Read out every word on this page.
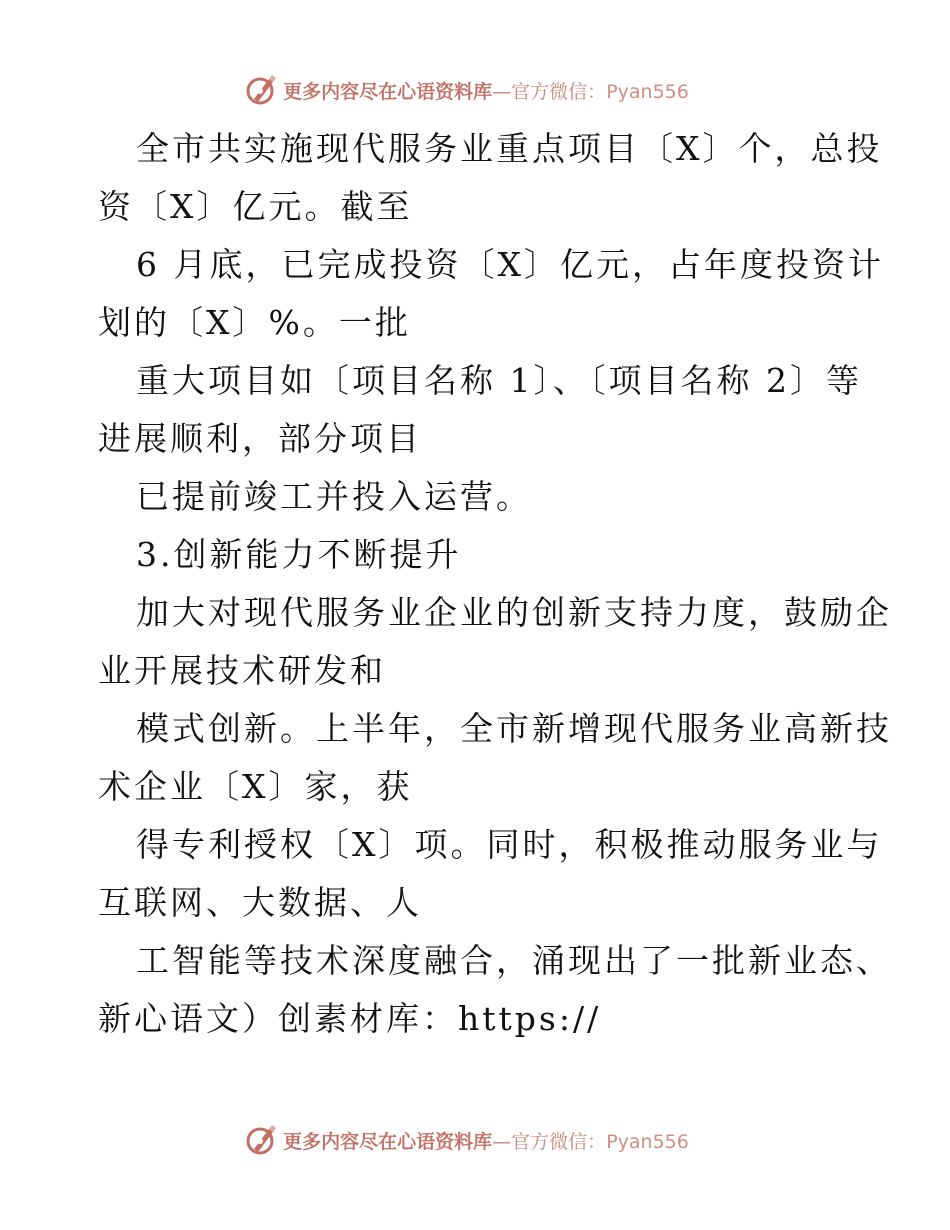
更多内容尽在心语资料库—官方微信：Pyan556
全市共实施现代服务业重点项目〔X〕个，总投
资〔X〕亿元。截至
6 月底，已完成投资〔X〕亿元，占年度投资计
划的〔X〕%。一批
重大项目如〔项目名称 1〕、〔项目名称 2〕等
进展顺利，部分项目
已提前竣工并投入运营。
3.创新能力不断提升
加大对现代服务业企业的创新支持力度，鼓励企
业开展技术研发和
模式创新。上半年，全市新增现代服务业高新技
术企业〔X〕家，获
得专利授权〔X〕项。同时，积极推动服务业与
互联网、大数据、人
工智能等技术深度融合，涌现出了一批新业态、
新心语文）创素材库：https://
更多内容尽在心语资料库—官方微信：Pyan556
